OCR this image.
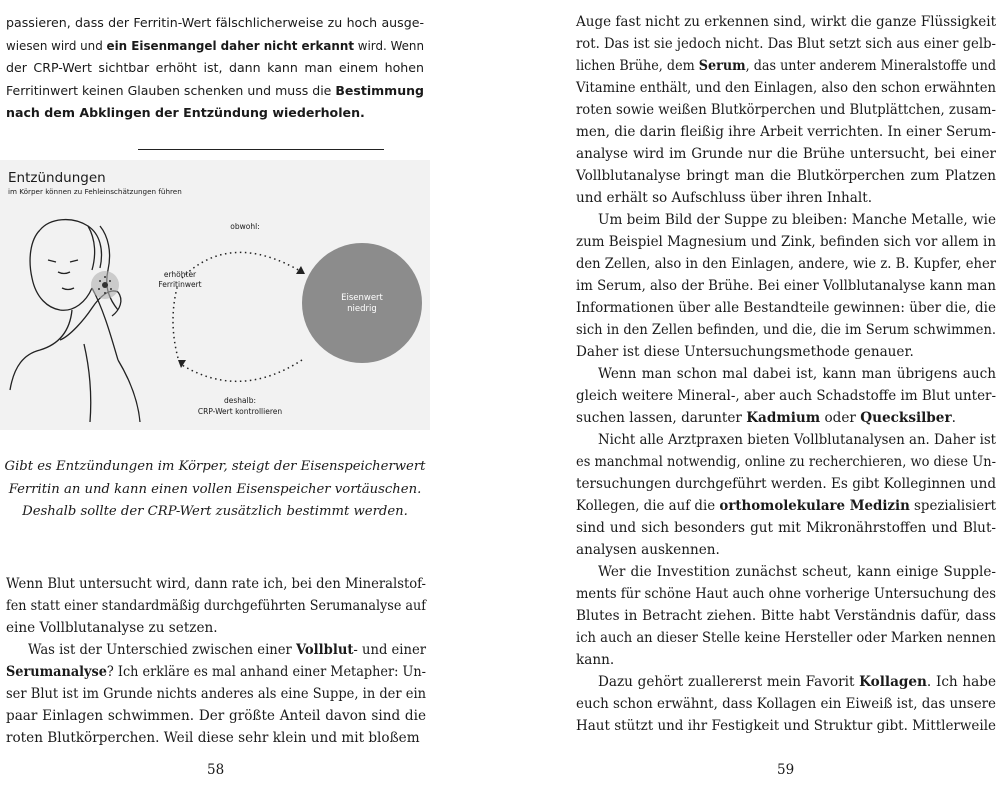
passieren, dass der Ferritin-Wert fälschlicherweise zu hoch ausge-
wiesen wird und ein Eisenmangel daher nicht erkannt wird. Wenn
der CRP-Wert sichtbar erhöht ist, dann kann man einem hohen
Ferritinwert keinen Glauben schenken und muss die Bestimmung
nach dem Abklingen der Entzündung wiederholen.
Entzündungen
im Körper können zu Fehleinschätzungen führen
obwohl:
erhöhter
Ferritinwert
Eisenwert
niedrig
deshalb:
CRP-Wert kontrollieren
Gibt es Entzündungen im Körper, steigt der Eisenspeicherwert
Ferritin an und kann einen vollen Eisenspeicher vortäuschen.
Deshalb sollte der CRP-Wert zusätzlich bestimmt werden.
Wenn Blut untersucht wird, dann rate ich, bei den Mineralstof-
fen statt einer standardmäßig durchgeführten Serumanalyse auf
eine Vollblutanalyse zu setzen.
Was ist der Unterschied zwischen einer Vollblut- und einer
Serumanalyse? Ich erkläre es mal anhand einer Metapher: Un-
ser Blut ist im Grunde nichts anderes als eine Suppe, in der ein
paar Einlagen schwimmen. Der größte Anteil davon sind die
roten Blutkörperchen. Weil diese sehr klein und mit bloßem
58
Auge fast nicht zu erkennen sind, wirkt die ganze Flüssigkeit
rot. Das ist sie jedoch nicht. Das Blut setzt sich aus einer gelb-
lichen Brühe, dem Serum, das unter anderem Mineralstoffe und
Vitamine enthält, und den Einlagen, also den schon erwähnten
roten sowie weißen Blutkörperchen und Blutplättchen, zusam-
men, die darin fleißig ihre Arbeit verrichten. In einer Serum-
analyse wird im Grunde nur die Brühe untersucht, bei einer
Vollblutanalyse bringt man die Blutkörperchen zum Platzen
und erhält so Aufschluss über ihren Inhalt.
Um beim Bild der Suppe zu bleiben: Manche Metalle, wie
zum Beispiel Magnesium und Zink, befinden sich vor allem in
den Zellen, also in den Einlagen, andere, wie z. B. Kupfer, eher
im Serum, also der Brühe. Bei einer Vollblutanalyse kann man
Informationen über alle Bestandteile gewinnen: über die, die
sich in den Zellen befinden, und die, die im Serum schwimmen.
Daher ist diese Untersuchungsmethode genauer.
Wenn man schon mal dabei ist, kann man übrigens auch
gleich weitere Mineral-, aber auch Schadstoffe im Blut unter-
suchen lassen, darunter Kadmium oder Quecksilber.
Nicht alle Arztpraxen bieten Vollblutanalysen an. Daher ist
es manchmal notwendig, online zu recherchieren, wo diese Un-
tersuchungen durchgeführt werden. Es gibt Kolleginnen und
Kollegen, die auf die orthomolekulare Medizin spezialisiert
sind und sich besonders gut mit Mikronährstoffen und Blut-
analysen auskennen.
Wer die Investition zunächst scheut, kann einige Supple-
ments für schöne Haut auch ohne vorherige Untersuchung des
Blutes in Betracht ziehen. Bitte habt Verständnis dafür, dass
ich auch an dieser Stelle keine Hersteller oder Marken nennen
kann.
Dazu gehört zuallererst mein Favorit Kollagen. Ich habe
euch schon erwähnt, dass Kollagen ein Eiweiß ist, das unsere
Haut stützt und ihr Festigkeit und Struktur gibt. Mittlerweile
59
